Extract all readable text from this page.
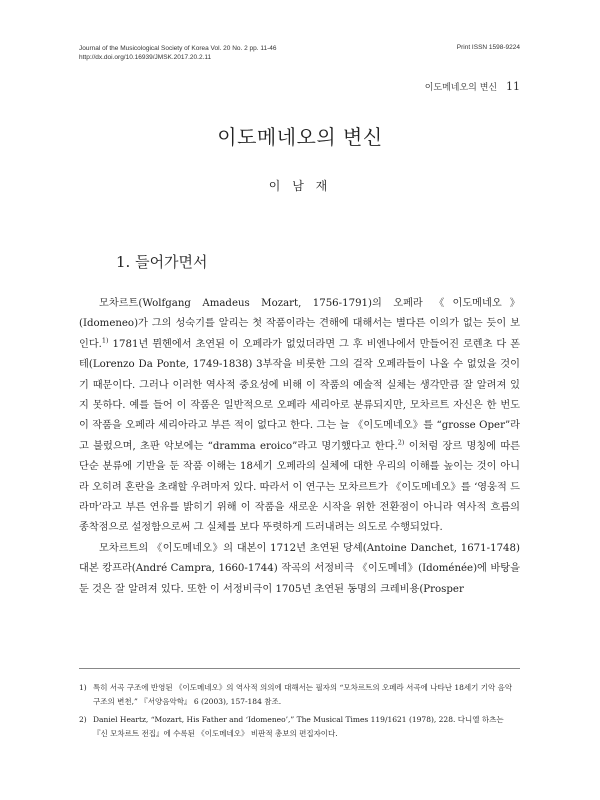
Journal of the Musicological Society of Korea Vol. 20 No. 2 pp. 11-46
http://dx.doi.org/10.16939/JMSK.2017.20.2.11
Print ISSN 1598-9224
이도메네오의 변신 11
이도메네오의 변신
이 남 재
1. 들어가면서

모차르트(Wolfgang Amadeus Mozart, 1756-1791)의 오페라 《이도메네오》(Idomeneo)가 그의 성숙기를 알리는 첫 작품이라는 견해에 대해서는 별다른 이의가 없는 듯이 보인다.$^{1)}$ 1781년 뮌헨에서 초연된 이 오페라가 없었더라면 그 후 비엔나에서 만들어진 로렌초 다 폰테(Lorenzo Da Ponte, 1749-1838) 3부작을 비롯한 그의 걸작 오페라들이 나올 수 없었을 것이기 때문이다. 그러나 이러한 역사적 중요성에 비해 이 작품의 예술적 실체는 생각만큼 잘 알려져 있지 못하다. 예를 들어 이 작품은 일반적으로 오페라 세리아로 분류되지만, 모차르트 자신은 한 번도 이 작품을 오페라 세리아라고 부른 적이 없다고 한다. 그는 늘 《이도메네오》를 “grosse Oper”라고 불렀으며, 초판 악보에는 “dramma eroico”라고 명기했다고 한다.$^{2)}$ 이처럼 장르 명칭에 따른 단순 분류에 기반을 둔 작품 이해는 18세기 오페라의 실체에 대한 우리의 이해를 높이는 것이 아니라 오히려 혼란을 초래할 우려마저 있다. 따라서 이 연구는 모차르트가 《이도메네오》를 ‘영웅적 드라마’라고 부른 연유를 밝히기 위해 이 작품을 새로운 시작을 위한 전환점이 아니라 역사적 흐름의 종착점으로 설정함으로써 그 실체를 보다 뚜렷하게 드러내려는 의도로 수행되었다.

모차르트의 《이도메네오》의 대본이 1712년 초연된 당셰(Antoine Danchet, 1671-1748) 대본 캉프라(André Campra, 1660-1744) 작곡의 서정비극 《이도메네》(Idoménée)에 바탕을 둔 것은 잘 알려져 있다. 또한 이 서정비극이 1705년 초연된 동명의 크레비용(Prosper

1) 특히 서곡 구조에 반영된 《이도메네오》의 역사적 의의에 대해서는 필자의 “모차르트의 오페라 서곡에 나타난 18세기 기악 음악 구조의 변천,” 『서양음악학』 6 (2003), 157-184 참조.
2) Daniel Heartz, “Mozart, His Father and ‘Idomeneo’,” The Musical Times 119/1621 (1978), 228. 다니엘 하츠는 『신 모차르트 전집』에 수록된 《이도메네오》 비판적 총보의 편집자이다.
